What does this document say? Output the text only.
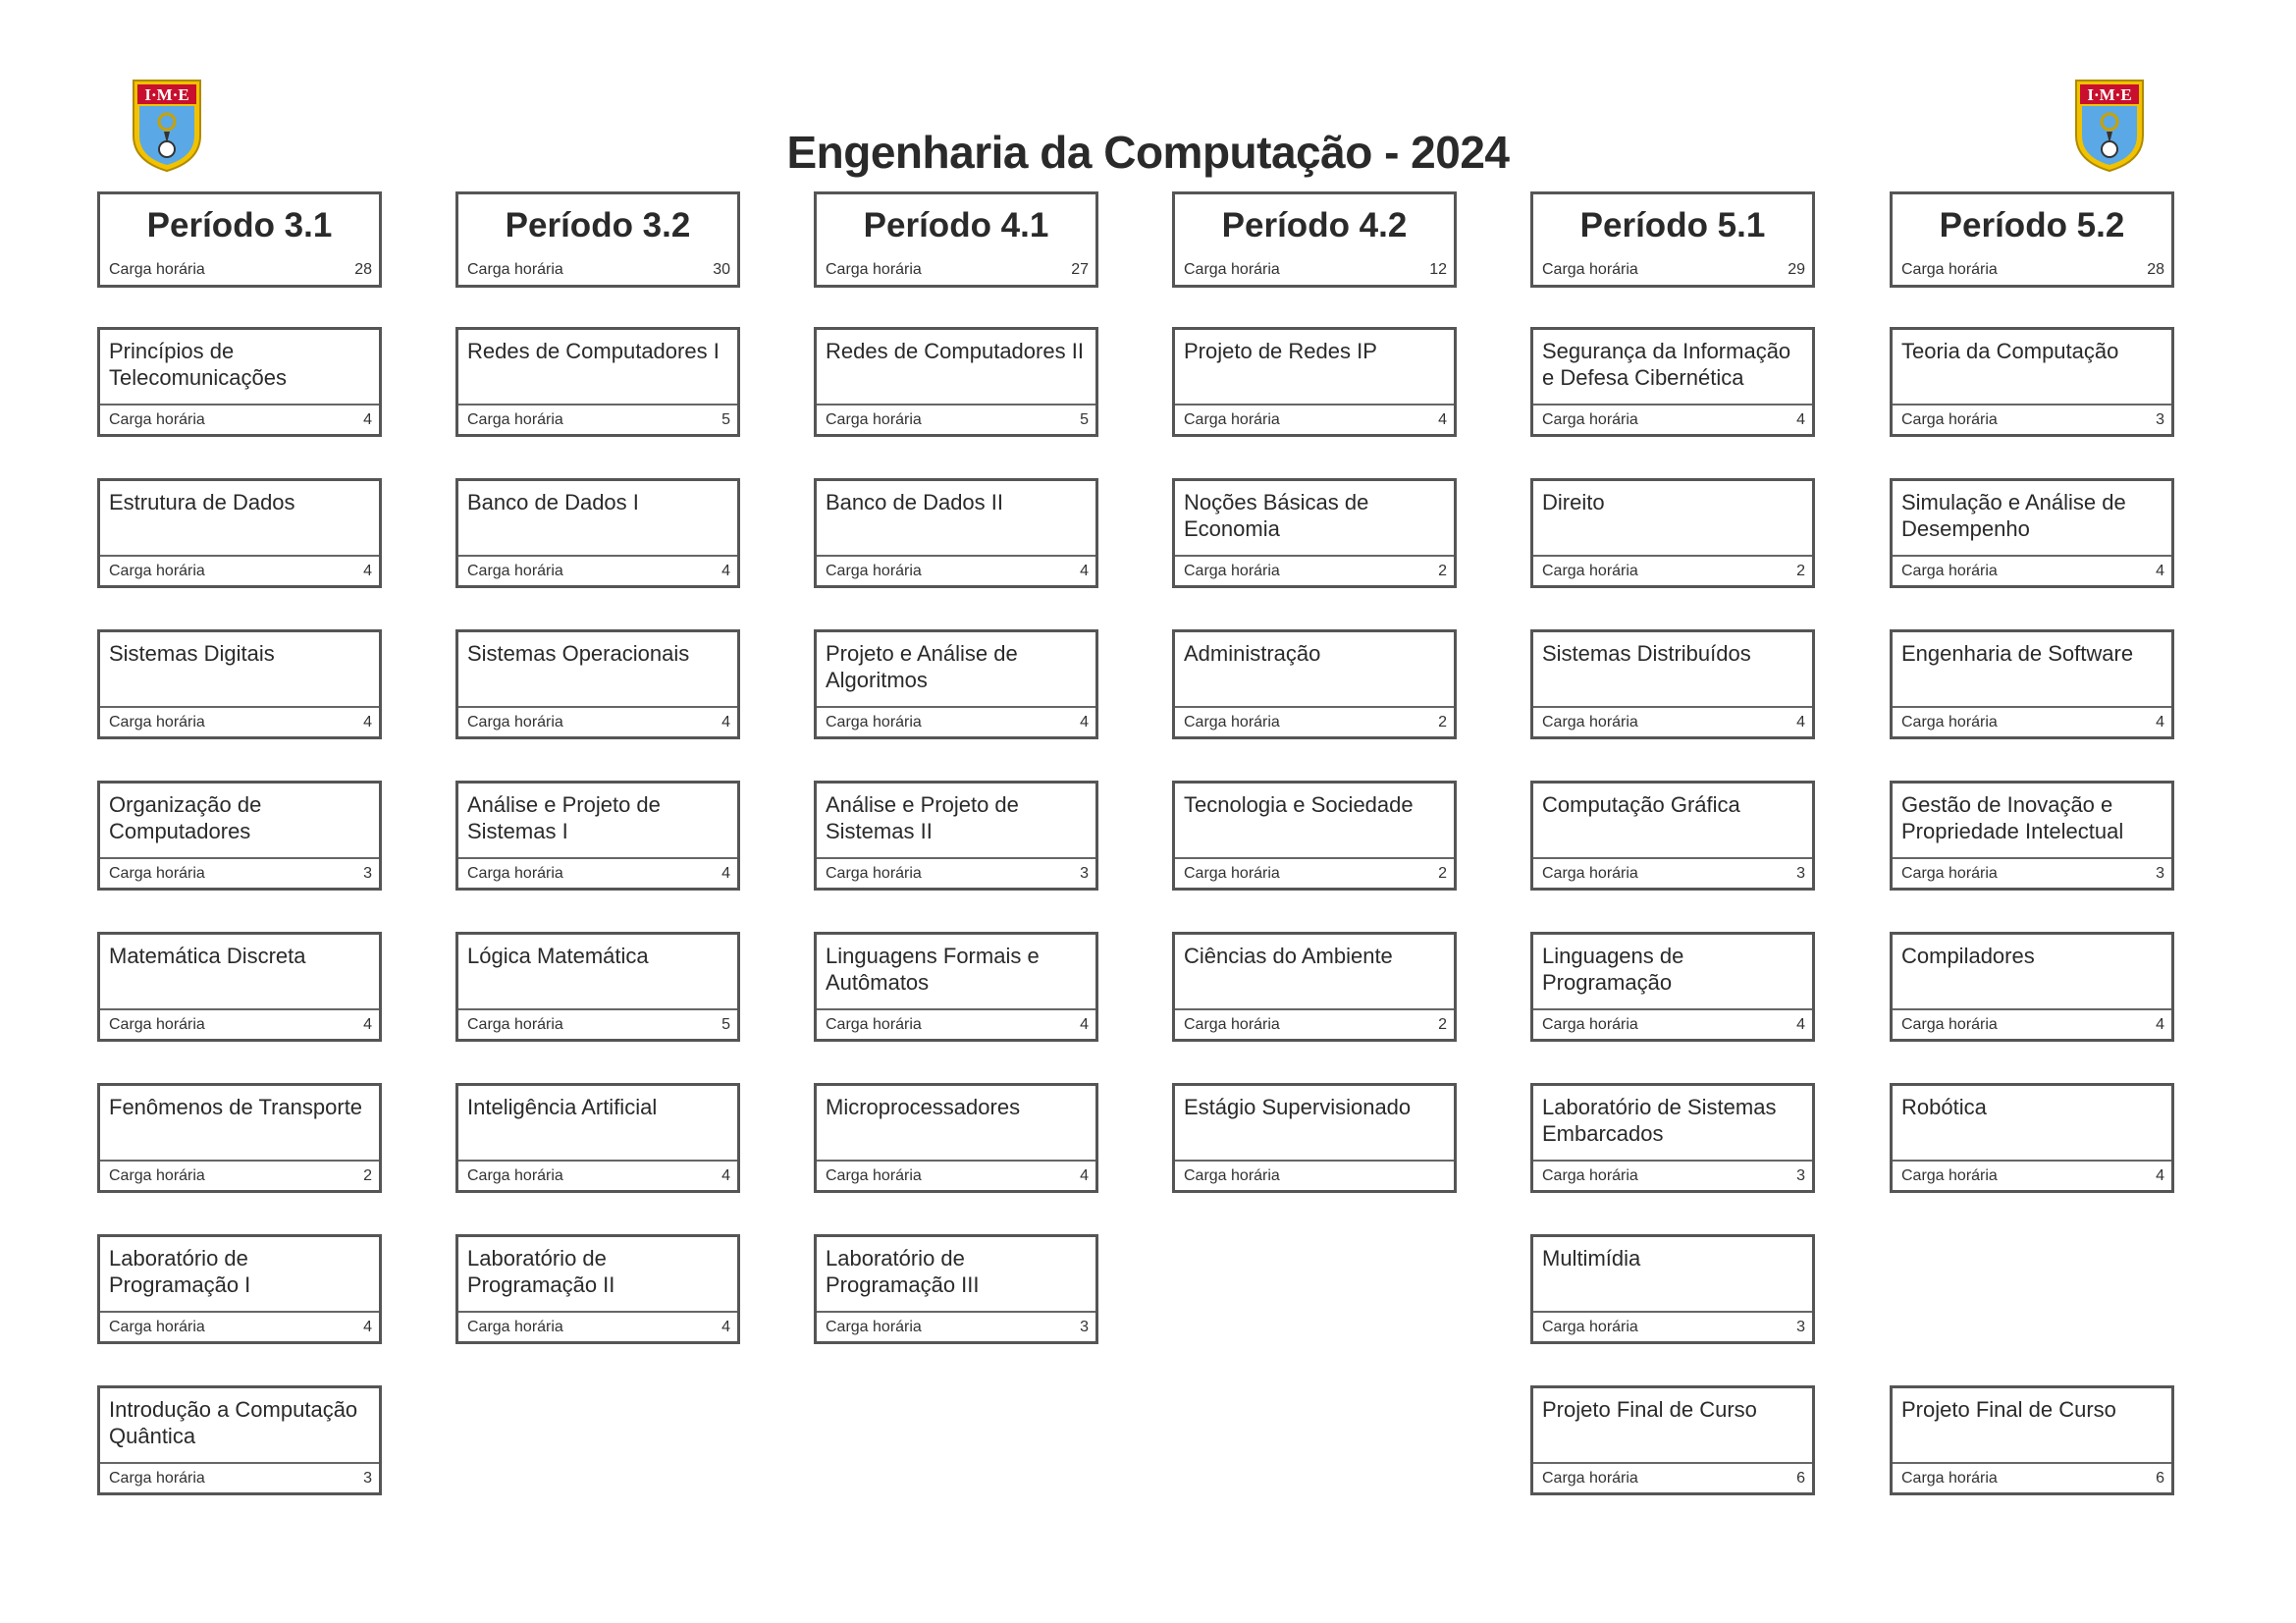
I·M·E	I·M·E
Engenharia da Computação - 2024
Período 3.1
Carga horária	28
Princípios de Telecomunicações
Carga horária	4
Estrutura de Dados
Carga horária	4
Sistemas Digitais
Carga horária	4
Organização de Computadores
Carga horária	3
Matemática Discreta
Carga horária	4
Fenômenos de Transporte
Carga horária	2
Laboratório de Programação I
Carga horária	4
Introdução a Computação Quântica
Carga horária	3
Período 3.2
Carga horária	30
Redes de Computadores I
Carga horária	5
Banco de Dados I
Carga horária	4
Sistemas Operacionais
Carga horária	4
Análise e Projeto de Sistemas I
Carga horária	4
Lógica Matemática
Carga horária	5
Inteligência Artificial
Carga horária	4
Laboratório de Programação II
Carga horária	4
Período 4.1
Carga horária	27
Redes de Computadores II
Carga horária	5
Banco de Dados II
Carga horária	4
Projeto e Análise de Algoritmos
Carga horária	4
Análise e Projeto de Sistemas II
Carga horária	3
Linguagens Formais e Autômatos
Carga horária	4
Microprocessadores
Carga horária	4
Laboratório de Programação III
Carga horária	3
Período 4.2
Carga horária	12
Projeto de Redes IP
Carga horária	4
Noções Básicas de Economia
Carga horária	2
Administração
Carga horária	2
Tecnologia e Sociedade
Carga horária	2
Ciências do Ambiente
Carga horária	2
Estágio Supervisionado
Carga horária
Período 5.1
Carga horária	29
Segurança da Informação e Defesa Cibernética
Carga horária	4
Direito
Carga horária	2
Sistemas Distribuídos
Carga horária	4
Computação Gráfica
Carga horária	3
Linguagens de Programação
Carga horária	4
Laboratório de Sistemas Embarcados
Carga horária	3
Multimídia
Carga horária	3
Projeto Final de Curso
Carga horária	6
Período 5.2
Carga horária	28
Teoria da Computação
Carga horária	3
Simulação e Análise de Desempenho
Carga horária	4
Engenharia de Software
Carga horária	4
Gestão de Inovação e Propriedade Intelectual
Carga horária	3
Compiladores
Carga horária	4
Robótica
Carga horária	4
Projeto Final de Curso
Carga horária	6
